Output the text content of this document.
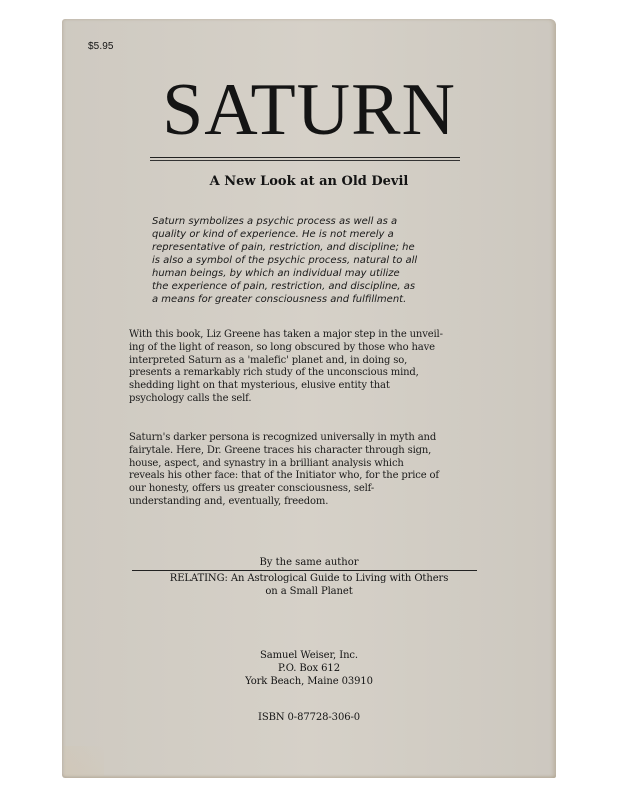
$5.95
SATURN
A New Look at an Old Devil
Saturn symbolizes a psychic process as well as a
quality or kind of experience. He is not merely a
representative of pain, restriction, and discipline; he
is also a symbol of the psychic process, natural to all
human beings, by which an individual may utilize
the experience of pain, restriction, and discipline, as
a means for greater consciousness and fulfillment.
With this book, Liz Greene has taken a major step in the unveil-
ing of the light of reason, so long obscured by those who have
interpreted Saturn as a 'malefic' planet and, in doing so,
presents a remarkably rich study of the unconscious mind,
shedding light on that mysterious, elusive entity that
psychology calls the self.
Saturn's darker persona is recognized universally in myth and
fairytale. Here, Dr. Greene traces his character through sign,
house, aspect, and synastry in a brilliant analysis which
reveals his other face: that of the Initiator who, for the price of
our honesty, offers us greater consciousness, self-
understanding and, eventually, freedom.
By the same author
RELATING: An Astrological Guide to Living with Others
on a Small Planet
Samuel Weiser, Inc.
P.O. Box 612
York Beach, Maine 03910
ISBN 0-87728-306-0
